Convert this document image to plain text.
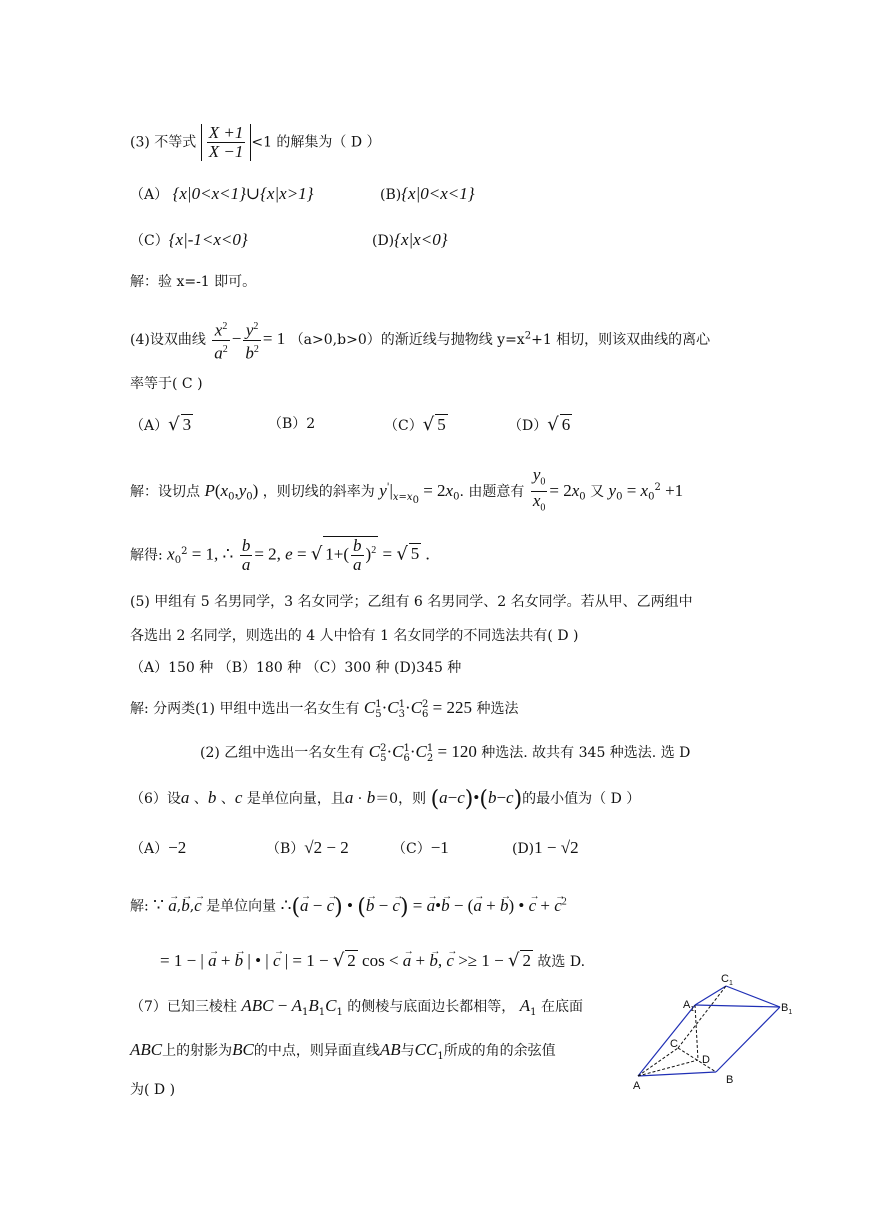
(3) 不等式 $\frac{X +1}{X -1} <1$ 的解集为（ D ）
（A） {x|0<x<1}∪{x|x>1}	(B){x|0<x<1}
（C）{x|-1<x<0}	(D){x|x<0}
解：验 x=-1 即可。
(4)设双曲线 $\frac{x^2}{a^2} - \frac{y^2}{b^2} = 1$ （a>0,b>0）的渐近线与抛物线 $y=x^2+1$ 相切，则该双曲线的离心
率等于( C )
（A）√ 3	（B）2	（C）√ 5	（D）√ 6
解：设切点 $P(x_0,y_0)$ ，则切线的斜率为 $y'|_{x=x_0} = 2x_0$. 由题意有 $\frac{y_0}{x_0} = 2x_0$ 又 $y_0 = x_0^2 +1$
解得: $x_0^2 = 1$, ∴ $\frac{b}{a} = 2$, e = √ $1+( \frac{b}{a} )^2$ = √ 5 .
(5) 甲组有 5 名男同学，3 名女同学；乙组有 6 名男同学、2 名女同学。若从甲、乙两组中
各选出 2 名同学，则选出的 4 人中恰有 1 名女同学的不同选法共有( D )
（A）150 种 （B）180 种 （C）300 种 (D)345 种
解: 分两类(1) 甲组中选出一名女生有 C $_{1 5}$·C $_{1 3}$·C $_{2 6}$ = 225 种选法
(2) 乙组中选出一名女生有 C $_{2 5}$·C $_{1 6}$·C $_{1 2}$ = 120 种选法. 故共有 345 种选法. 选 D
（6）设a 、b 、c 是单位向量，且a · b＝0，则 (a−c)•(b−c)的最小值为（ D ）
（A）−2	（B）√2 − 2	（C）−1	(D)1 − √2
解: ∵ → a,→ b,→ c 是单位向量 ∴(→ a − → c) • (→ b − → c) = → a•→ b − (→ a + → b) • → c + → $c^2$
= 1 − | → a + → b | • | → c | = 1 − √ 2 cos < → a + → b, → c >≥ 1 − √ 2 故选 D.
（7）已知三棱柱 ABC − $A_1B_1C_1$ 的侧棱与底面边长都相等， $A_1$ 在底面
ABC上的射影为BC的中点，则异面直线AB与$CC_1$所成的角的余弦值
为( D )
$C_1$
$A_1$	$B_1$
C
D
A	B
